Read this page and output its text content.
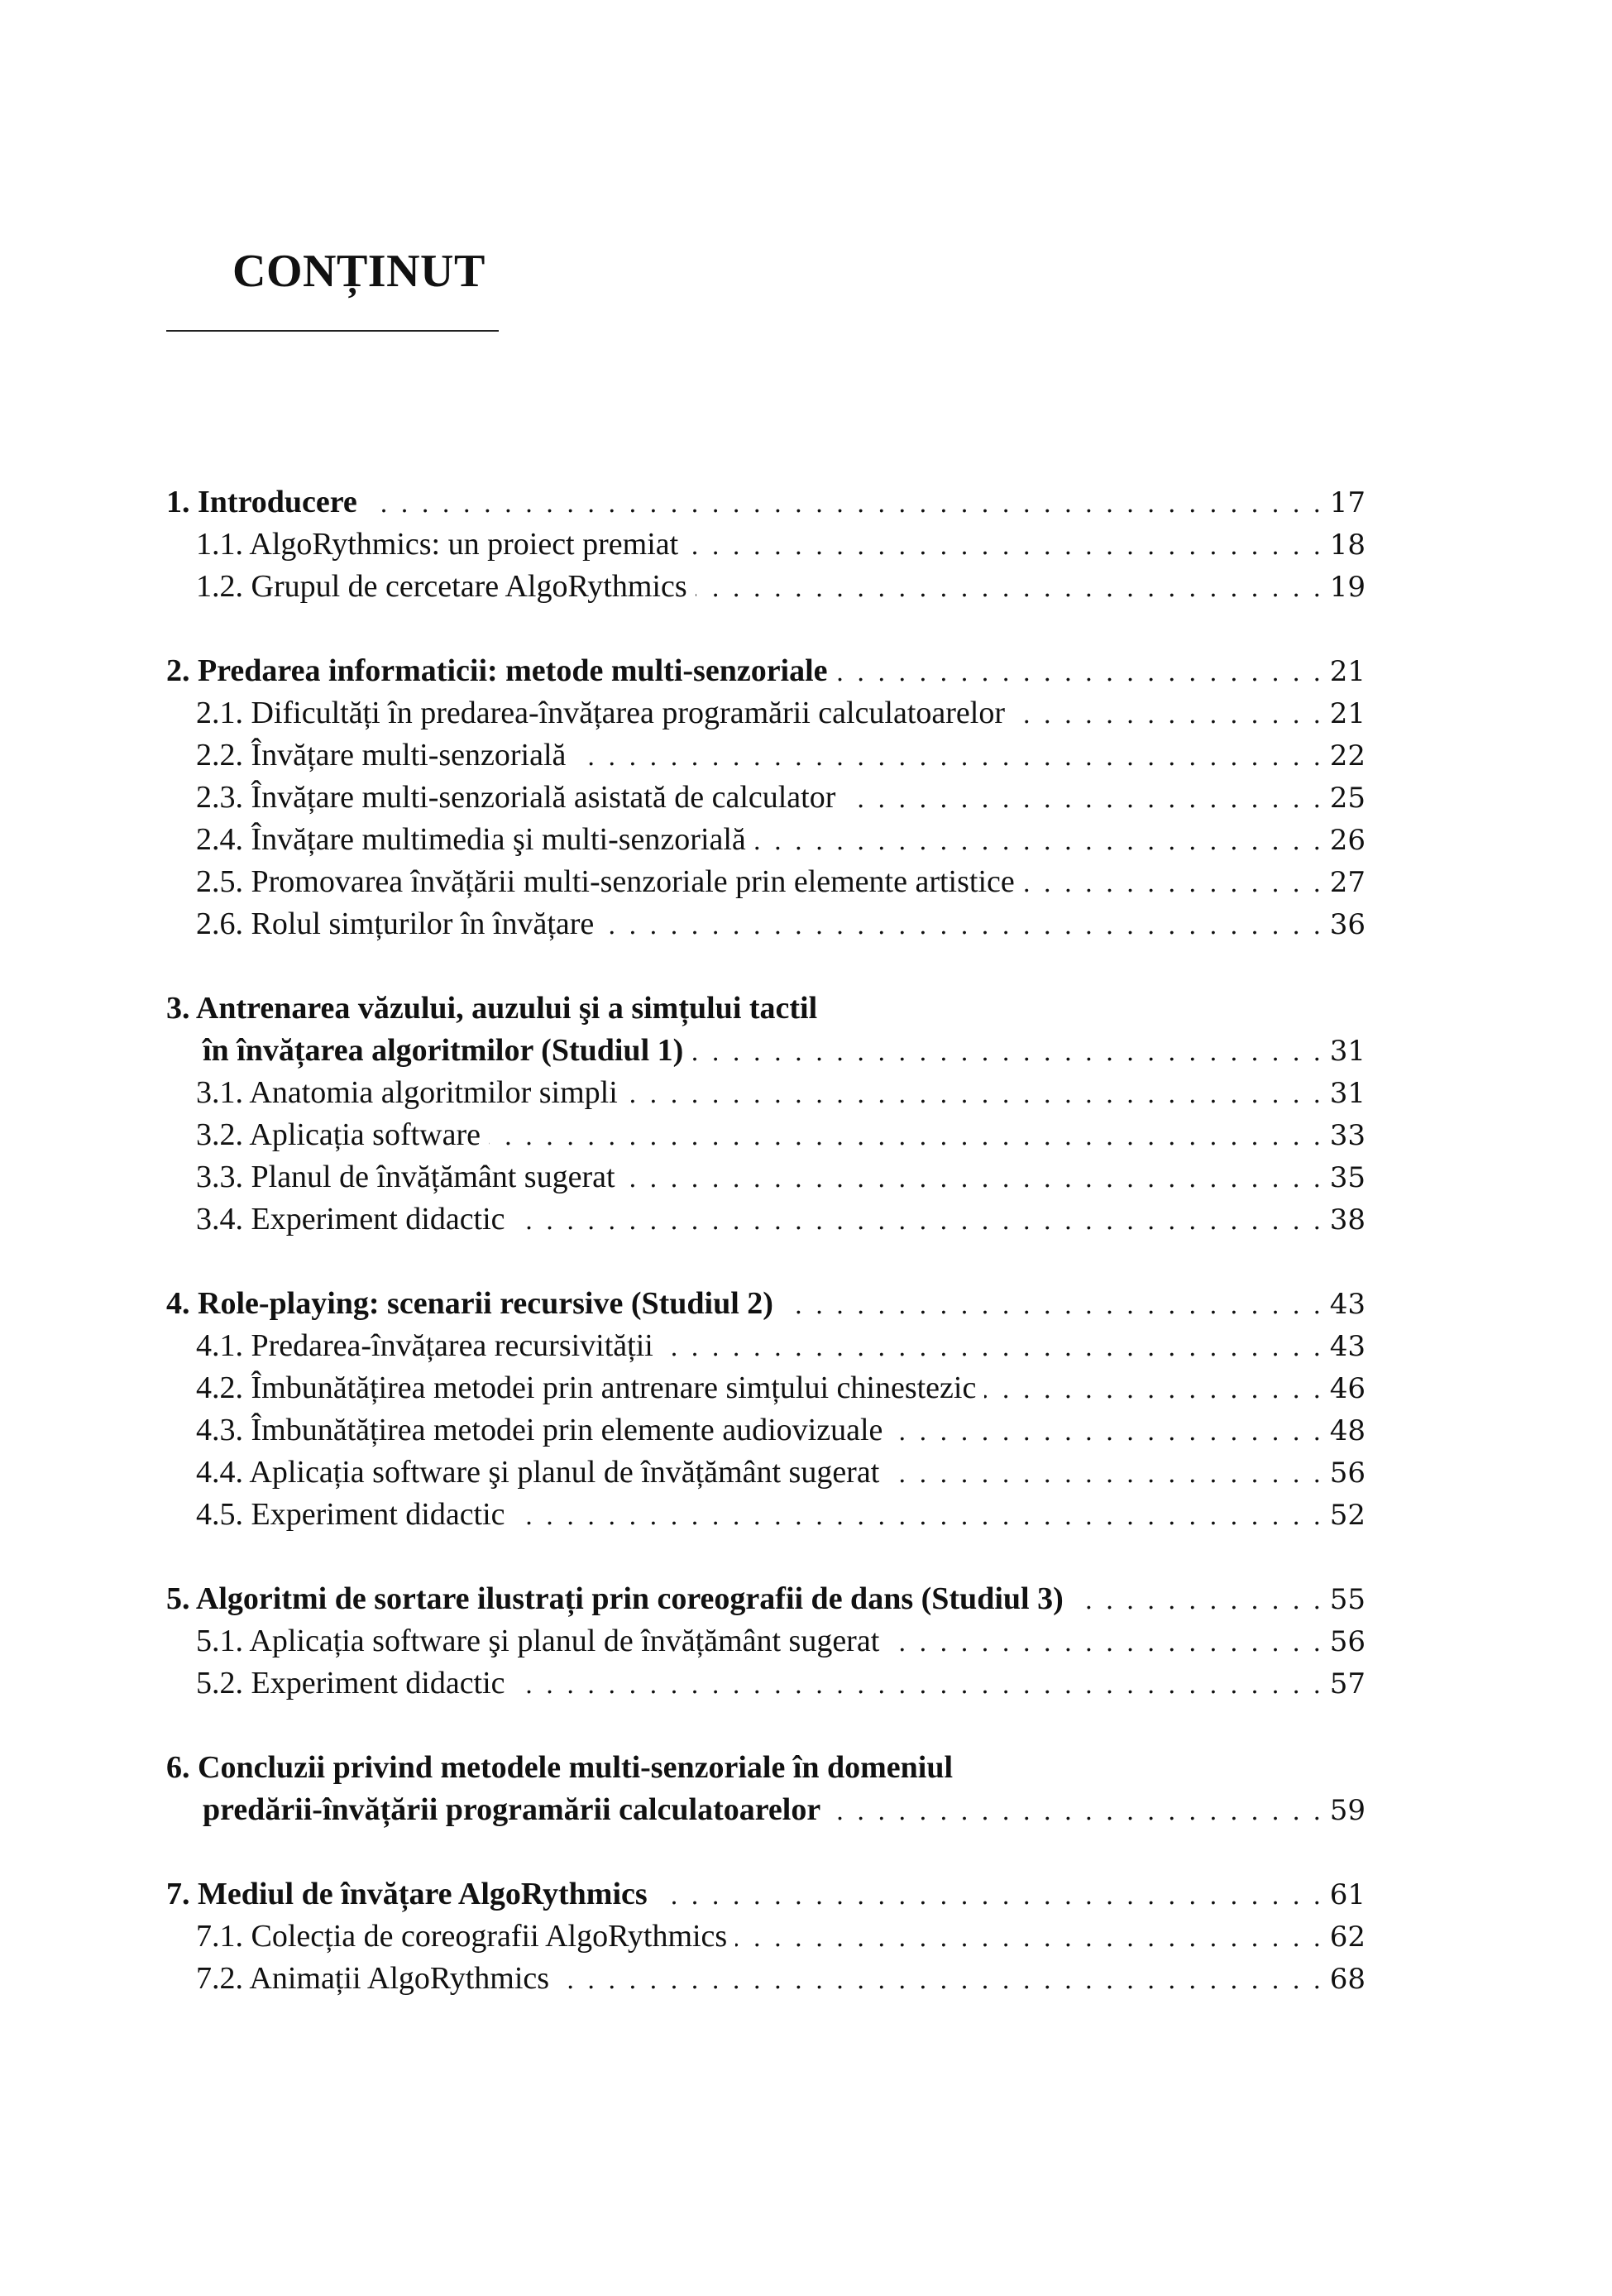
CONȚINUT
1. Introducere . . .	17
1.1. AlgoRythmics: un proiect premiat . . .	18
1.2. Grupul de cercetare AlgoRythmics . . .	19
2. Predarea informaticii: metode multi-senzoriale . . .	21
2.1. Dificultăți în predarea-învățarea programării calculatoarelor . . .	21
2.2. Învățare multi-senzorială . . .	22
2.3. Învățare multi-senzorială asistată de calculator . . .	25
2.4. Învățare multimedia şi multi-senzorială . . .	26
2.5. Promovarea învățării multi-senzoriale prin elemente artistice . . .	27
2.6. Rolul simțurilor în învățare . . .	36
3. Antrenarea văzului, auzului şi a simțului tactil
în învățarea algoritmilor (Studiul 1) . . .	31
3.1. Anatomia algoritmilor simpli . . .	31
3.2. Aplicația software . . .	33
3.3. Planul de învățământ sugerat . . .	35
3.4. Experiment didactic . . .	38
4. Role-playing: scenarii recursive (Studiul 2) . . .	43
4.1. Predarea-învățarea recursivității . . .	43
4.2. Îmbunătățirea metodei prin antrenare simțului chinestezic . . .	46
4.3. Îmbunătățirea metodei prin elemente audiovizuale . . .	48
4.4. Aplicația software şi planul de învățământ sugerat . . .	56
4.5. Experiment didactic . . .	52
5. Algoritmi de sortare ilustrați prin coreografii de dans (Studiul 3) . . .	55
5.1. Aplicația software şi planul de învățământ sugerat . . .	56
5.2. Experiment didactic . . .	57
6. Concluzii privind metodele multi-senzoriale în domeniul
predării-învățării programării calculatoarelor . . .	59
7. Mediul de învățare AlgoRythmics . . .	61
7.1. Colecția de coreografii AlgoRythmics . . .	62
7.2. Animații AlgoRythmics . . .	68
